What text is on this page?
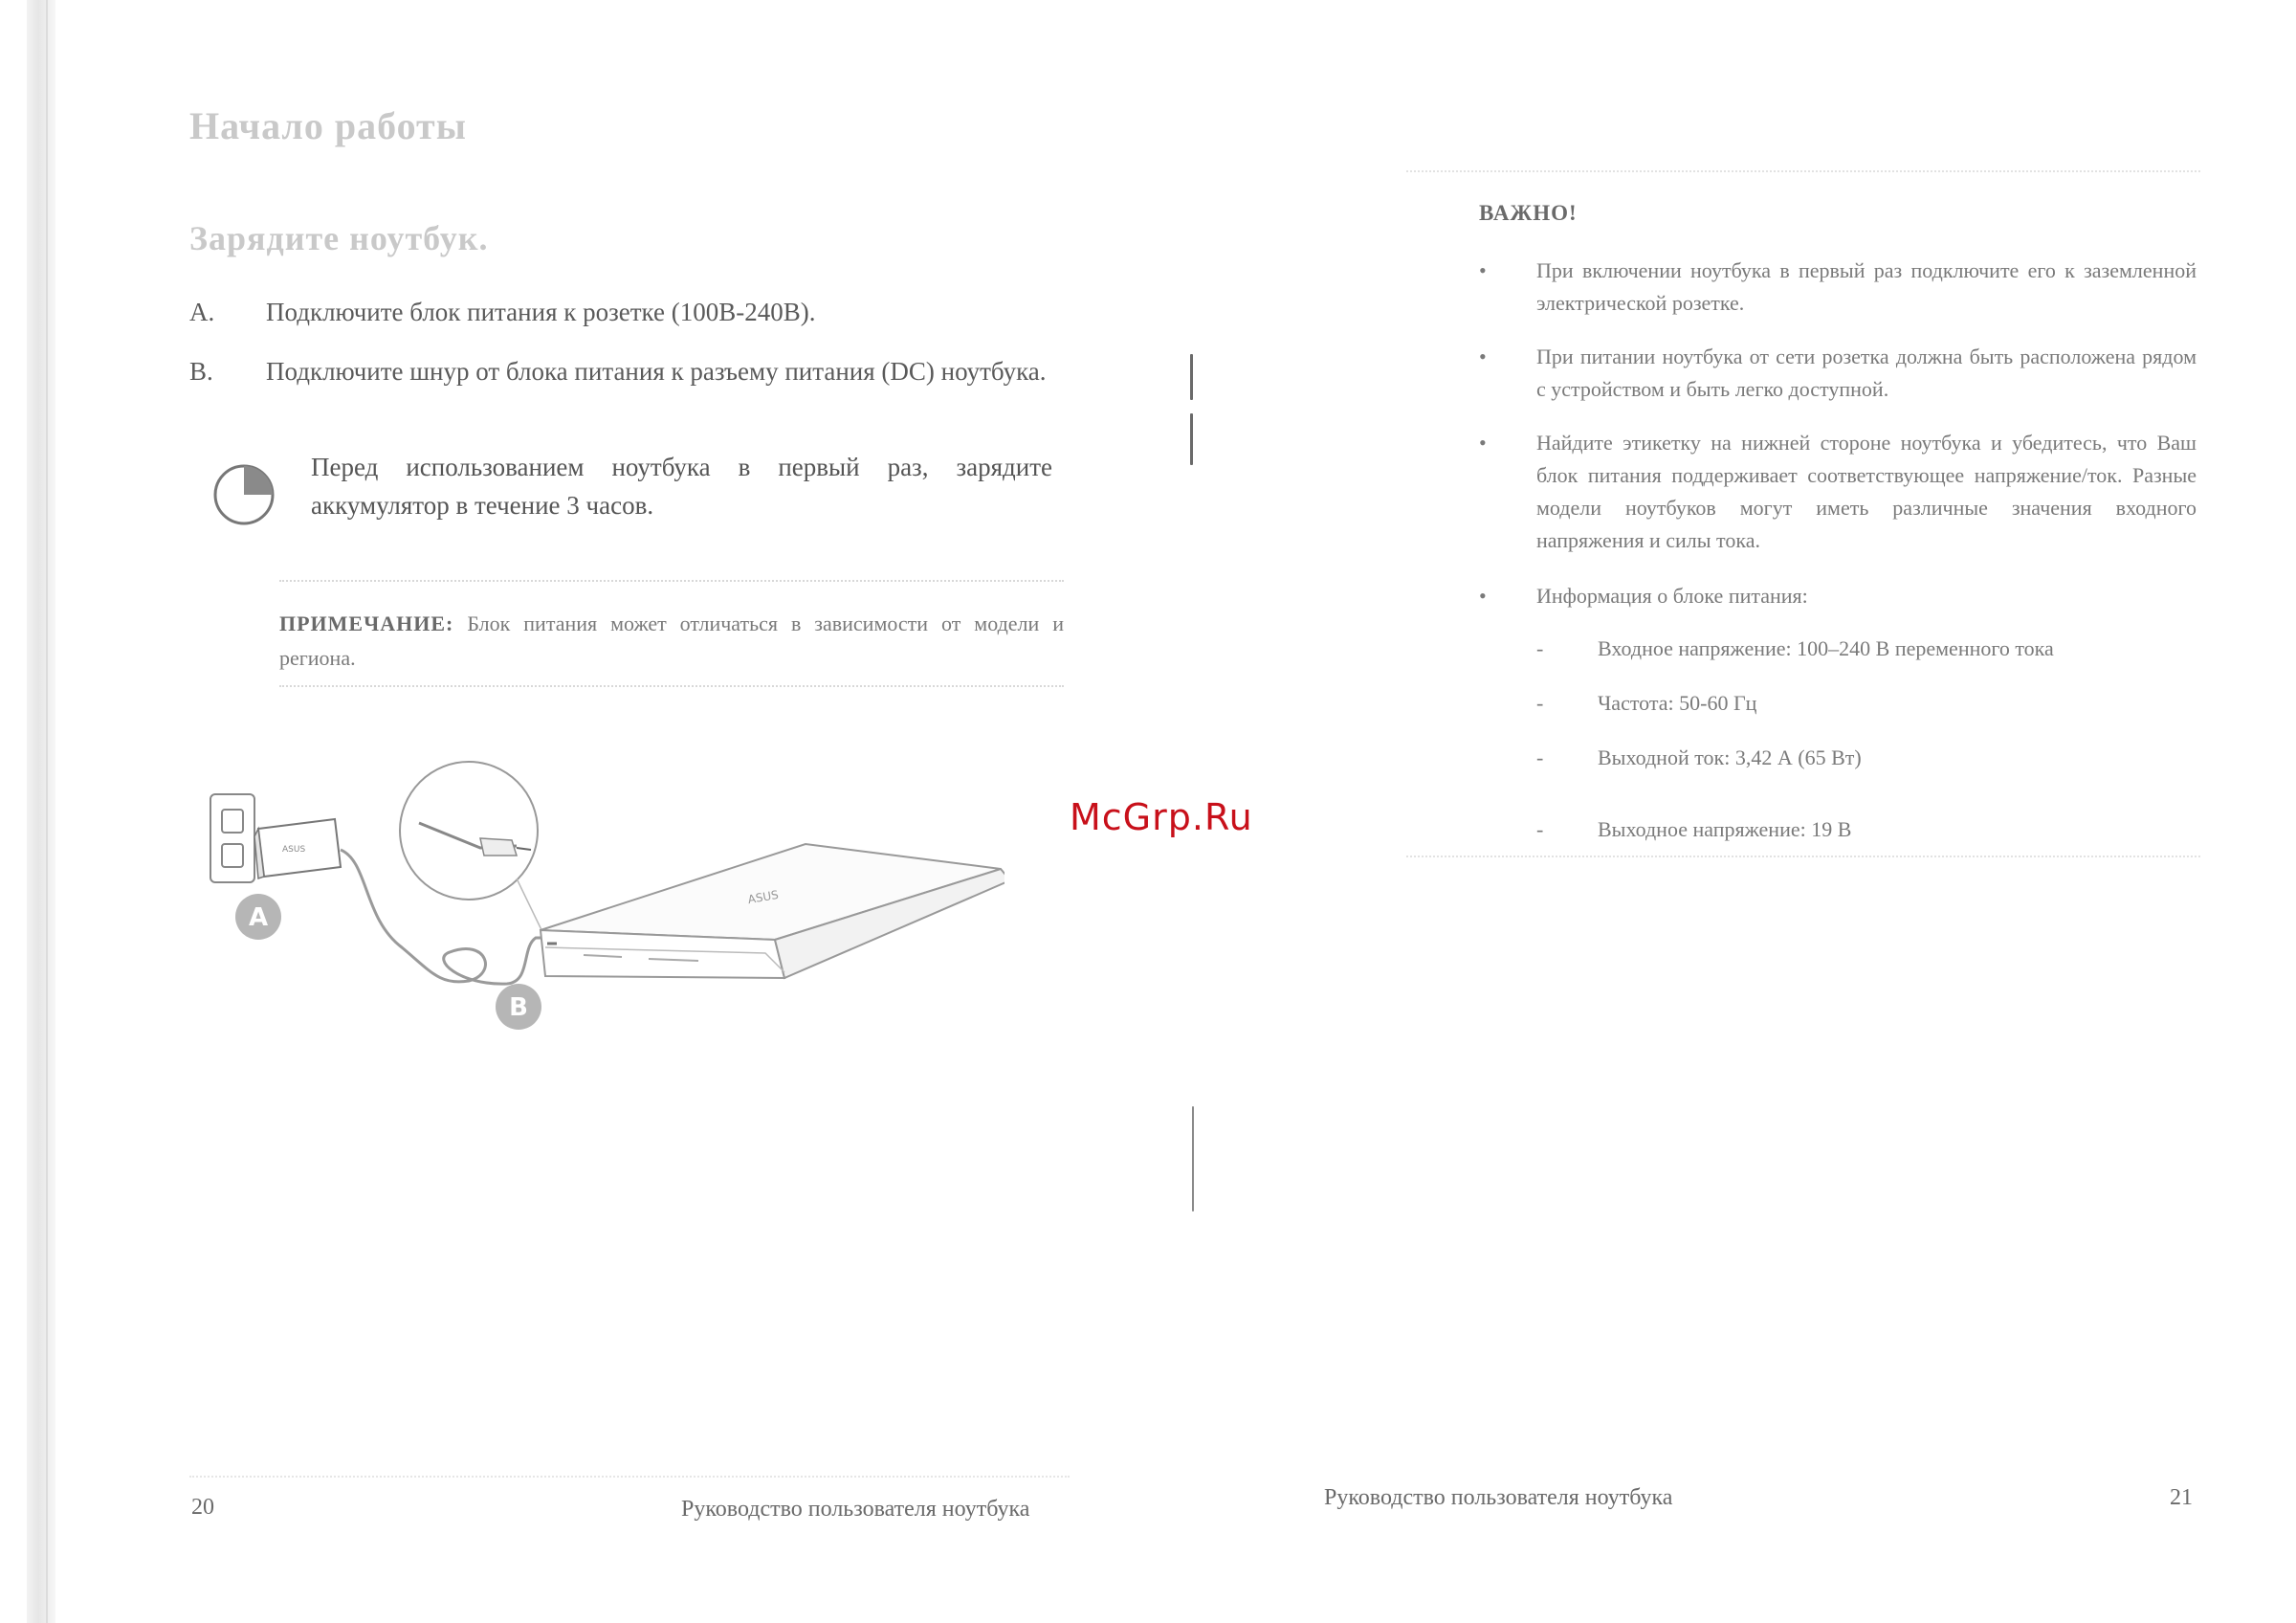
Начало работы
Зарядите ноутбук.
A. Подключите блок питания к розетке (100В-240В).
B. Подключите шнур от блока питания к разъему питания (DC) ноутбука.
Перед использованием ноутбука в первый раз, зарядите аккумулятор в течение 3 часов.
ПРИМЕЧАНИЕ: Блок питания может отличаться в зависимости от модели и региона.
ASUS
ASUS
A
B
20	Руководство пользователя ноутбука
ВАЖНО!
• При включении ноутбука в первый раз подключите его к заземленной электрической розетке.
• При питании ноутбука от сети розетка должна быть расположена рядом с устройством и быть легко доступной.
• Найдите этикетку на нижней стороне ноутбука и убедитесь, что Ваш блок питания поддерживает соответствующее напряжение/ток. Разные модели ноутбуков могут иметь различные значения входного напряжения и силы тока.
• Информация о блоке питания:
-	Входное напряжение: 100–240 В переменного тока
-	Частота: 50-60 Гц
-	Выходной ток: 3,42 А (65 Вт)
-	Выходное напряжение: 19 В
Руководство пользователя ноутбука	21
McGrp.Ru
